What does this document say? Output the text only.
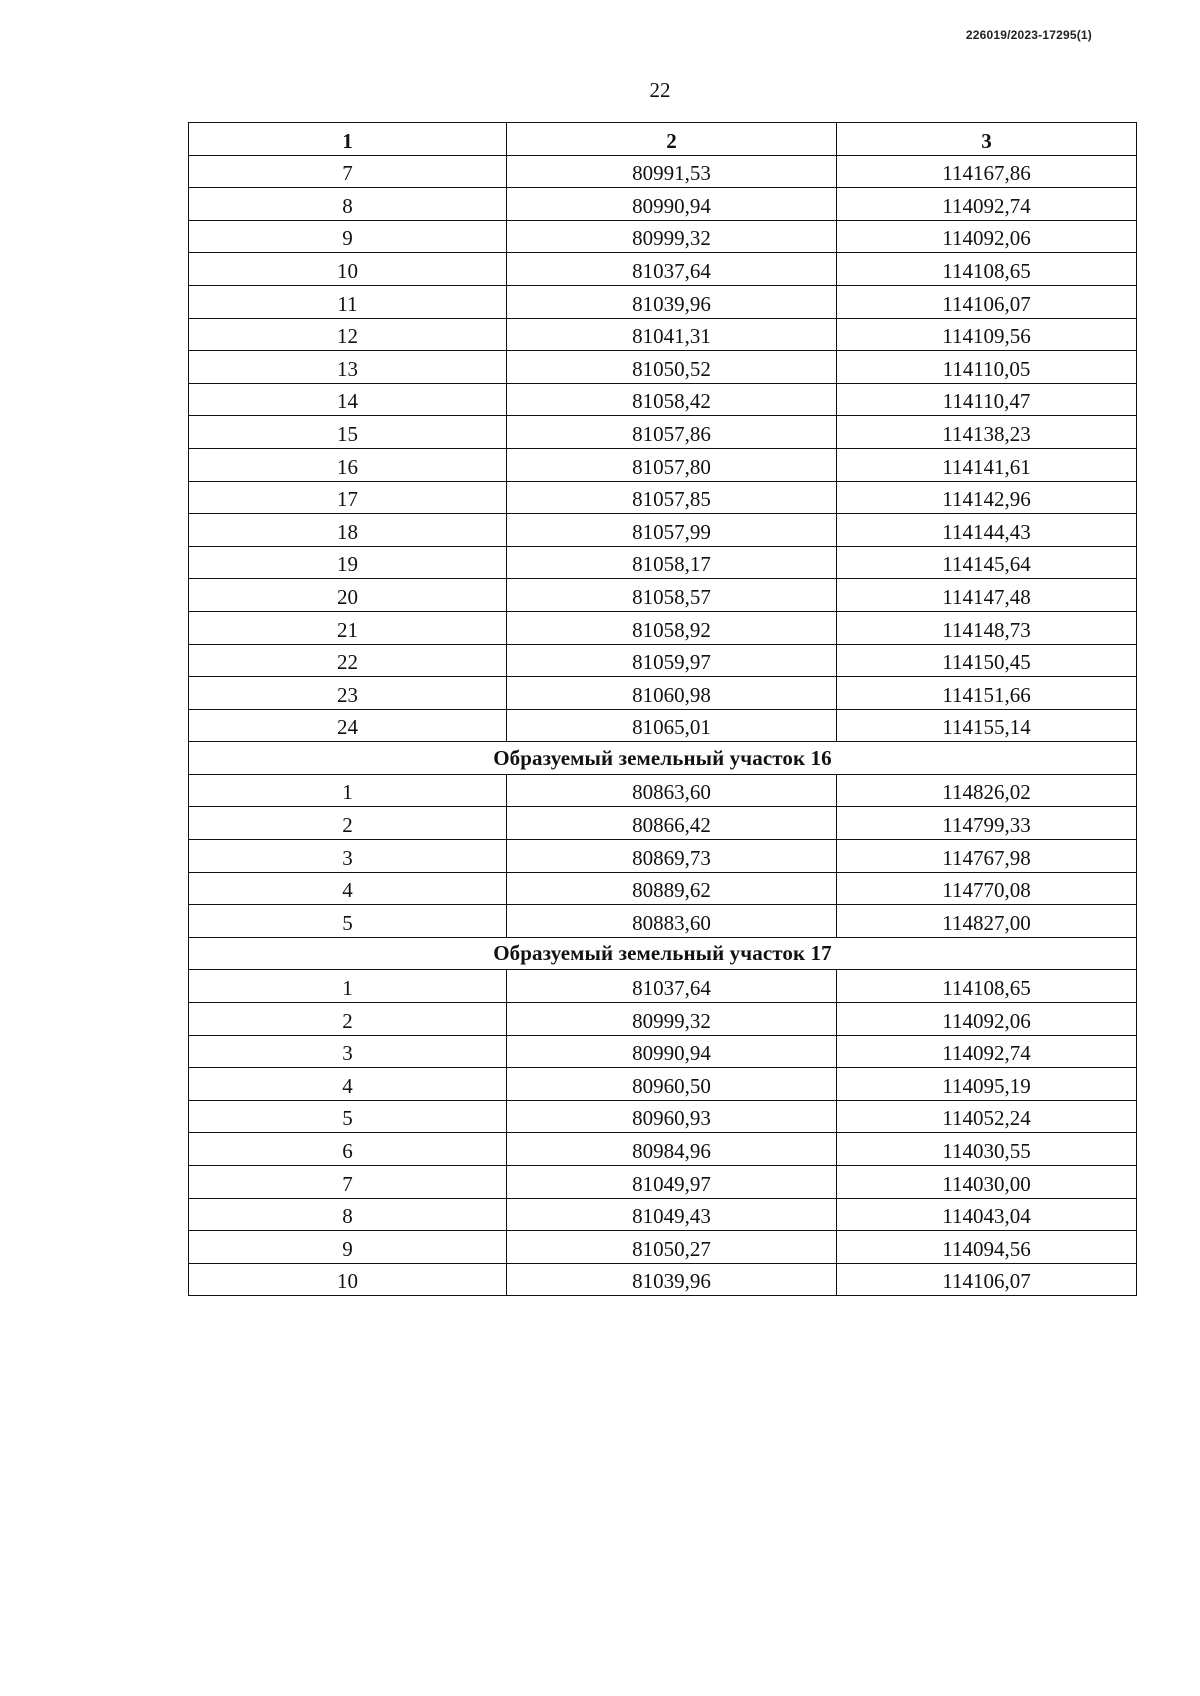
226019/2023-17295(1)
22
1	2	3
7	80991,53	114167,86
8	80990,94	114092,74
9	80999,32	114092,06
10	81037,64	114108,65
11	81039,96	114106,07
12	81041,31	114109,56
13	81050,52	114110,05
14	81058,42	114110,47
15	81057,86	114138,23
16	81057,80	114141,61
17	81057,85	114142,96
18	81057,99	114144,43
19	81058,17	114145,64
20	81058,57	114147,48
21	81058,92	114148,73
22	81059,97	114150,45
23	81060,98	114151,66
24	81065,01	114155,14
Образуемый земельный участок 16		
1	80863,60	114826,02
2	80866,42	114799,33
3	80869,73	114767,98
4	80889,62	114770,08
5	80883,60	114827,00
Образуемый земельный участок 17		
1	81037,64	114108,65
2	80999,32	114092,06
3	80990,94	114092,74
4	80960,50	114095,19
5	80960,93	114052,24
6	80984,96	114030,55
7	81049,97	114030,00
8	81049,43	114043,04
9	81050,27	114094,56
10	81039,96	114106,07
